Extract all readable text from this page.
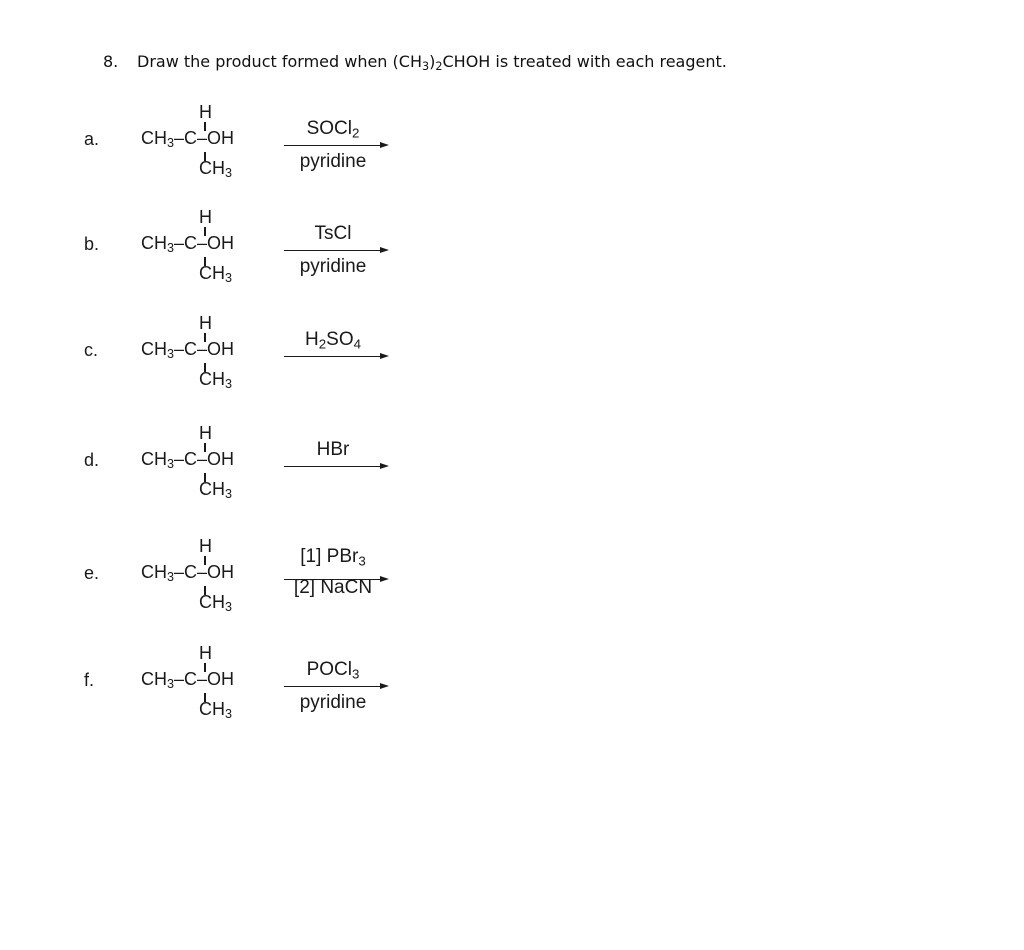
8. Draw the product formed when $(CH_3)_2CHOH$ is treated with each reagent.
a.
H
$CH_3-C-OH$
$CH_3$
SOCl$_2$
pyridine
b.
H
$CH_3-C-OH$
$CH_3$
TsCl
pyridine
c.
H
$CH_3-C-OH$
$CH_3$
$H_2SO_4$
d.
H
$CH_3-C-OH$
$CH_3$
HBr
e.
H
$CH_3-C-OH$
$CH_3$
[1] PBr$_3$
[2] NaCN
f.
H
$CH_3-C-OH$
$CH_3$
POCl$_3$
pyridine
